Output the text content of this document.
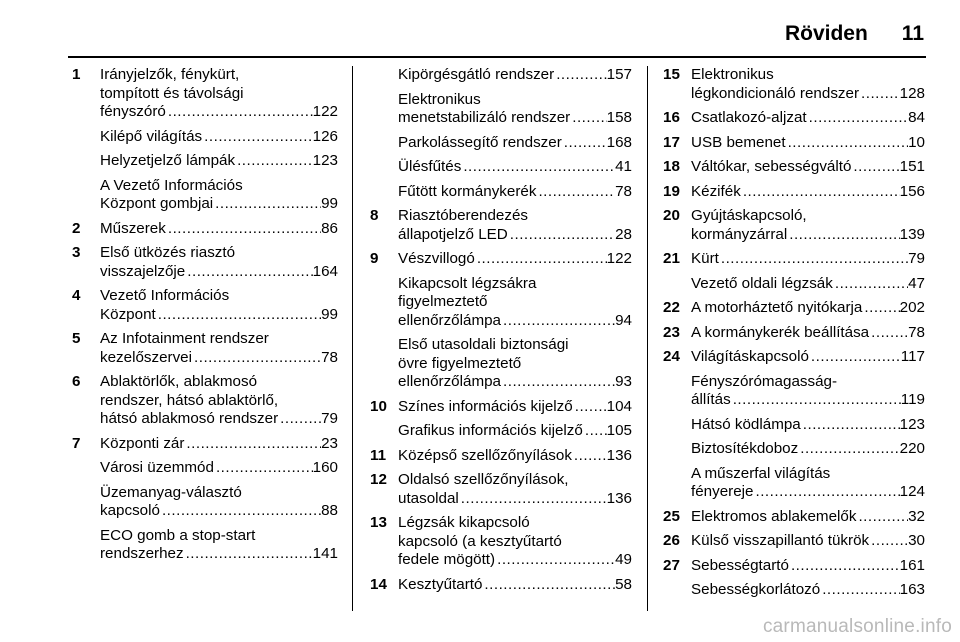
Röviden 11
1	Irányjelzők, fénykürt,
tompított és távolsági
fényszóró .....	122
Kilépő világítás .....	126
Helyzetjelző lámpák .....	123
A Vezető Információs
Központ gombjai .....	99
2	Műszerek .....	86
3	Első ütközés riasztó
visszajelzője .....	164
4	Vezető Információs
Központ .....	99
5	Az Infotainment rendszer
kezelőszervei .....	78
6	Ablaktörlők, ablakmosó
rendszer, hátsó ablaktörlő,
hátsó ablakmosó rendszer .....	79
7	Központi zár .....	23
Városi üzemmód .....	160
Üzemanyag-választó
kapcsoló .....	88
ECO gomb a stop-start
rendszerhez .....	141
Kipörgésgátló rendszer .....	157
Elektronikus
menetstabilizáló rendszer ..... 158
Parkolássegítő rendszer .....	168
Ülésfűtés .....	41
Fűtött kormánykerék .....	78
8	Riasztóberendezés
állapotjelző LED .....	28
9	Vészvillogó .....	122
Kikapcsolt légzsákra
figyelmeztető
ellenőrzőlámpa .....	94
Első utasoldali biztonsági
övre figyelmeztető
ellenőrzőlámpa .....	93
10 Színes információs kijelző ..... 104
Grafikus információs kijelző ..... 105
11 Középső szellőzőnyílások ..... 136
12 Oldalsó szellőzőnyílások,
utasoldal .....	136
13 Légzsák kikapcsoló
kapcsoló (a kesztyűtartó
fedele mögött) .....	49
14 Kesztyűtartó .....	58
15 Elektronikus
légkondicionáló rendszer .....	128
16 Csatlakozó-aljzat .....	84
17 USB bemenet .....	10
18 Váltókar, sebességváltó .....	151
19 Kézifék .....	156
20 Gyújtáskapcsoló,
kormányzárral .....	139
21 Kürt .....	79
Vezető oldali légzsák .....	47
22 A motorháztető nyitókarja ..... 202
23 A kormánykerék beállítása .....	78
24 Világításkapcsoló .....	117
Fényszórómagasság-
állítás .....	119
Hátsó ködlámpa .....	123
Biztosítékdoboz .....	220
A műszerfal világítás
fényereje .....	124
25 Elektromos ablakemelők .....	32
26 Külső visszapillantó tükrök .....	30
27 Sebességtartó .....	161
Sebességkorlátozó .....	163
carmanualsonline.info
